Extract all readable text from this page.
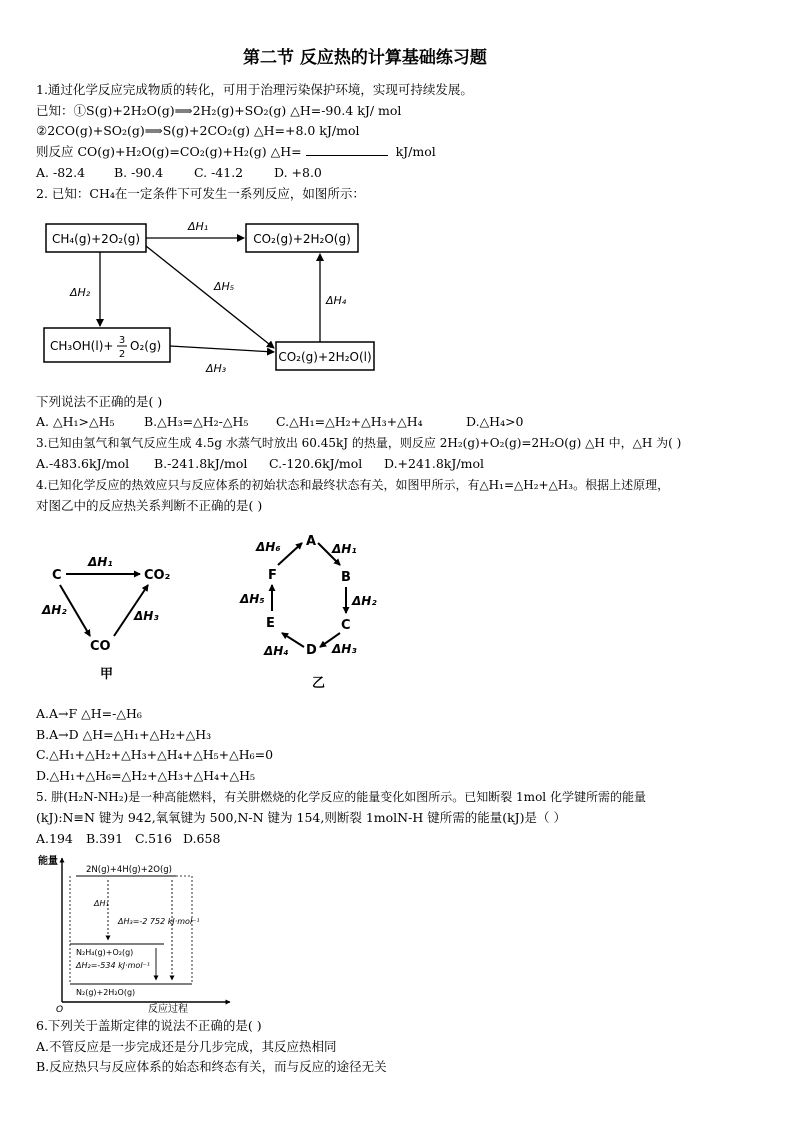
第二节 反应热的计算基础练习题
1.通过化学反应完成物质的转化，可用于治理污染保护环境，实现可持续发展。
已知：①S(g)+2H₂O(g)⟹2H₂(g)+SO₂(g) △H=-90.4 kJ/ mol
②2CO(g)+SO₂(g)⟹S(g)+2CO₂(g) △H=+8.0 kJ/mol
则反应 CO(g)+H₂O(g)=CO₂(g)+H₂(g) △H=	kJ/mol
A. -82.4 B. -90.4 C. -41.2 D. +8.0
2. 已知：CH₄在一定条件下可发生一系列反应，如图所示：
CH₄(g)+2O₂(g)	CO₂(g)+2H₂O(g)
CH₃OH(l)+ 3
2
O₂(g)
CO₂(g)+2H₂O(l)
ΔH₁
ΔH₂	ΔH₅
ΔH₃
ΔH₄
下列说法不正确的是( )
A. △H₁>△H₅ B.△H₃=△H₂-△H₅ C.△H₁=△H₂+△H₃+△H₄	D.△H₄>0
3.已知由氢气和氧气反应生成 4.5g 水蒸气时放出 60.45kJ 的热量，则反应 2H₂(g)+O₂(g)=2H₂O(g) △H 中，△H 为( )
A.-483.6kJ/mol B.-241.8kJ/mol C.-120.6kJ/mol D.+241.8kJ/mol
4.已知化学反应的热效应只与反应体系的初始状态和最终状态有关，如图甲所示，有△H₁=△H₂+△H₃。根据上述原理，
对图乙中的反应热关系判断不正确的是( )
C	CO₂
CO
ΔH₁
ΔH₂	ΔH₃
甲
A
B
C
D
E
F
ΔH₁
ΔH₂
ΔH₃
ΔH₄
ΔH₅
ΔH₆
乙
A.A→F △H=-△H₆
B.A→D △H=△H₁+△H₂+△H₃
C.△H₁+△H₂+△H₃+△H₄+△H₅+△H₆=0
D.△H₁+△H₆=△H₂+△H₃+△H₄+△H₅
5. 肼(H₂N-NH₂)是一种高能燃料，有关肼燃烧的化学反应的能量变化如图所示。已知断裂 1mol 化学键所需的能量
(kJ):N≡N 键为 942,氧氧键为 500,N-N 键为 154,则断裂 1molN-H 键所需的能量(kJ)是（ ）
A.194 B.391 C.516 D.658
能量
O	反应过程
2N(g)+4H(g)+2O(g)
N₂H₄(g)+O₂(g)
N₂(g)+2H₂O(g)
ΔH₁
ΔH₃=-2 752 kJ·mol⁻¹
ΔH₂=-534 kJ·mol⁻¹
6.下列关于盖斯定律的说法不正确的是( )
A.不管反应是一步完成还是分几步完成，其反应热相同
B.反应热只与反应体系的始态和终态有关，而与反应的途径无关
